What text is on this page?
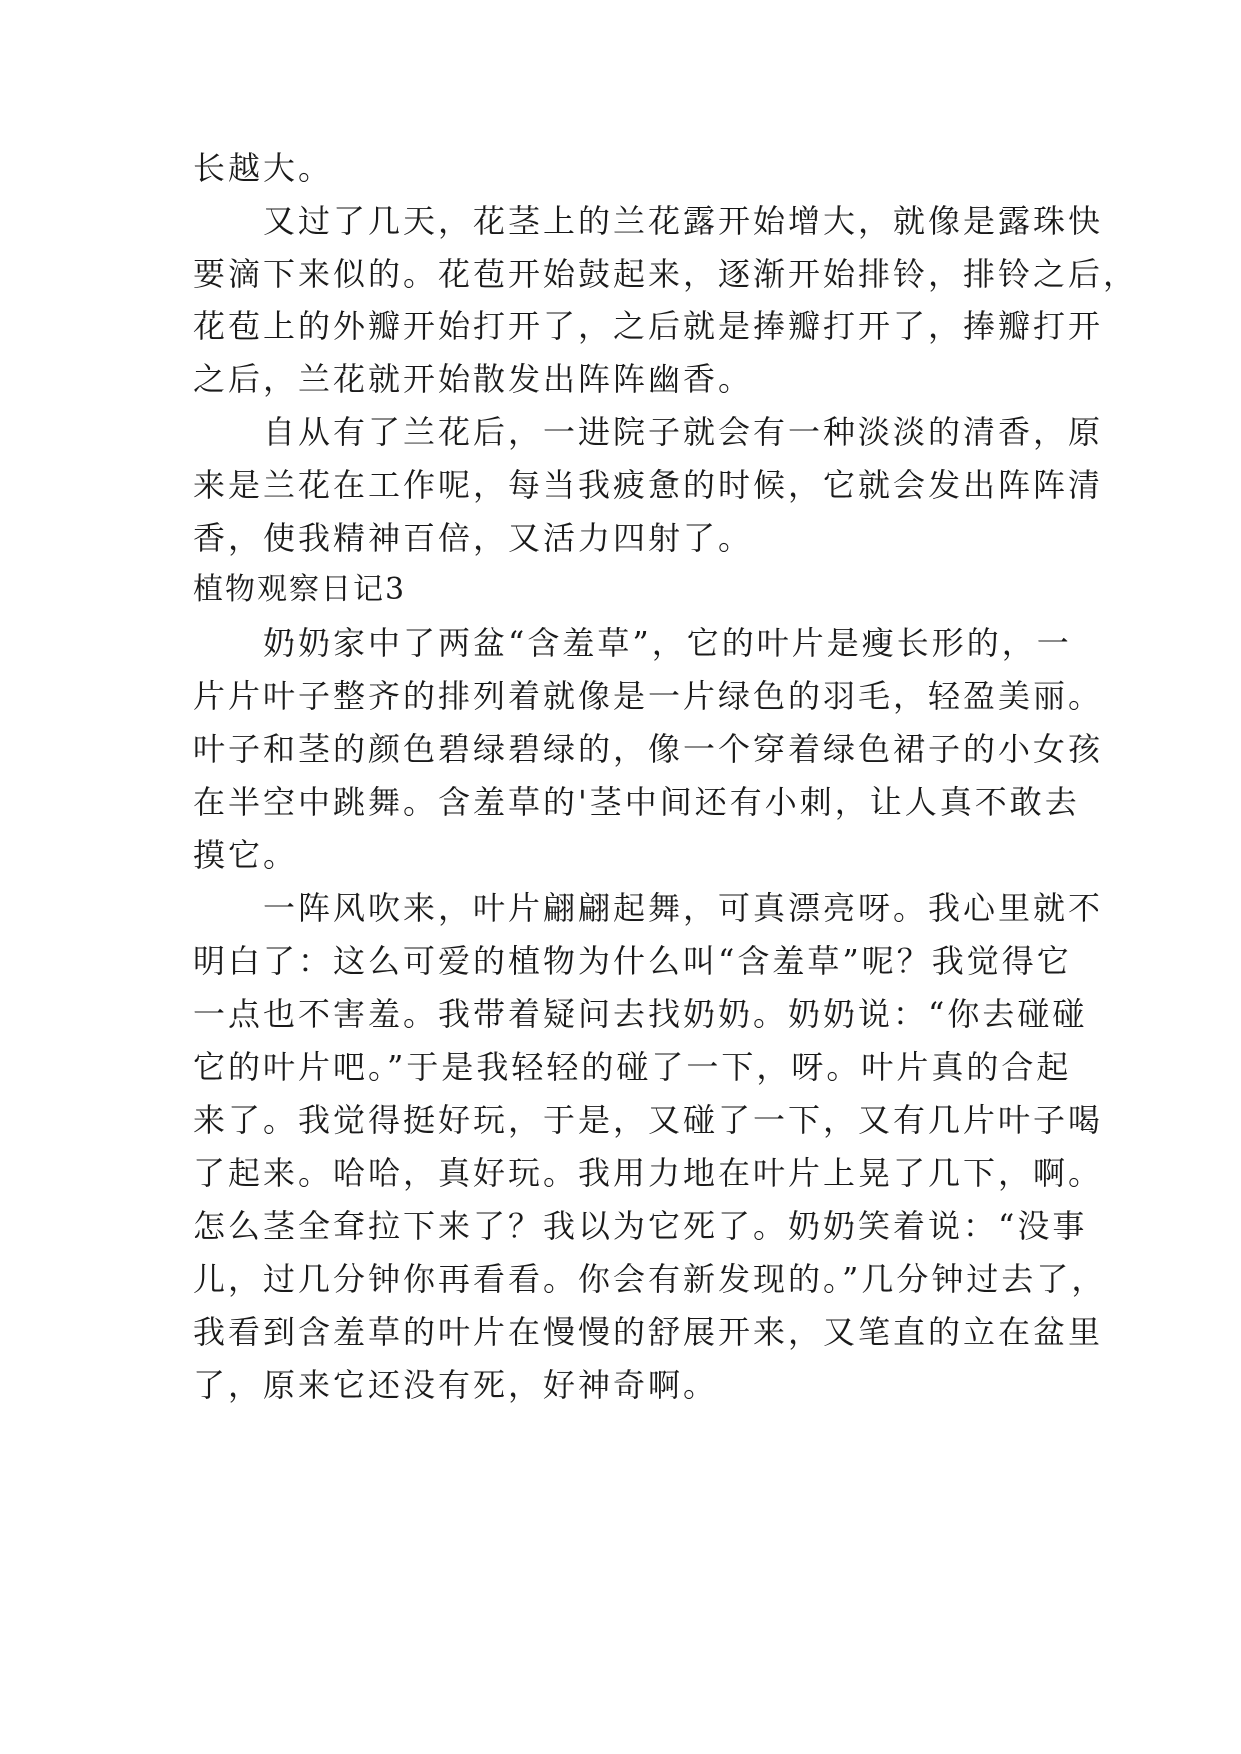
长越大。

　　又过了几天，花茎上的兰花露开始增大，就像是露珠快

要滴下来似的。花苞开始鼓起来，逐渐开始排铃，排铃之后，

花苞上的外瓣开始打开了，之后就是捧瓣打开了，捧瓣打开

之后，兰花就开始散发出阵阵幽香。

　　自从有了兰花后，一进院子就会有一种淡淡的清香，原

来是兰花在工作呢，每当我疲惫的时候，它就会发出阵阵清

香，使我精神百倍，又活力四射了。

植物观察日记3

　　奶奶家中了两盆“含羞草”，它的叶片是瘦长形的，一

片片叶子整齐的排列着就像是一片绿色的羽毛，轻盈美丽。

叶子和茎的颜色碧绿碧绿的，像一个穿着绿色裙子的小女孩

在半空中跳舞。含羞草的'茎中间还有小刺，让人真不敢去

摸它。

　　一阵风吹来，叶片翩翩起舞，可真漂亮呀。我心里就不

明白了：这么可爱的植物为什么叫“含羞草”呢？我觉得它

一点也不害羞。我带着疑问去找奶奶。奶奶说：“你去碰碰

它的叶片吧。”于是我轻轻的碰了一下，呀。叶片真的合起

来了。我觉得挺好玩，于是，又碰了一下，又有几片叶子喝

了起来。哈哈，真好玩。我用力地在叶片上晃了几下，啊。

怎么茎全耷拉下来了？我以为它死了。奶奶笑着说：“没事

儿，过几分钟你再看看。你会有新发现的。”几分钟过去了，

我看到含羞草的叶片在慢慢的舒展开来，又笔直的立在盆里

了，原来它还没有死，好神奇啊。
